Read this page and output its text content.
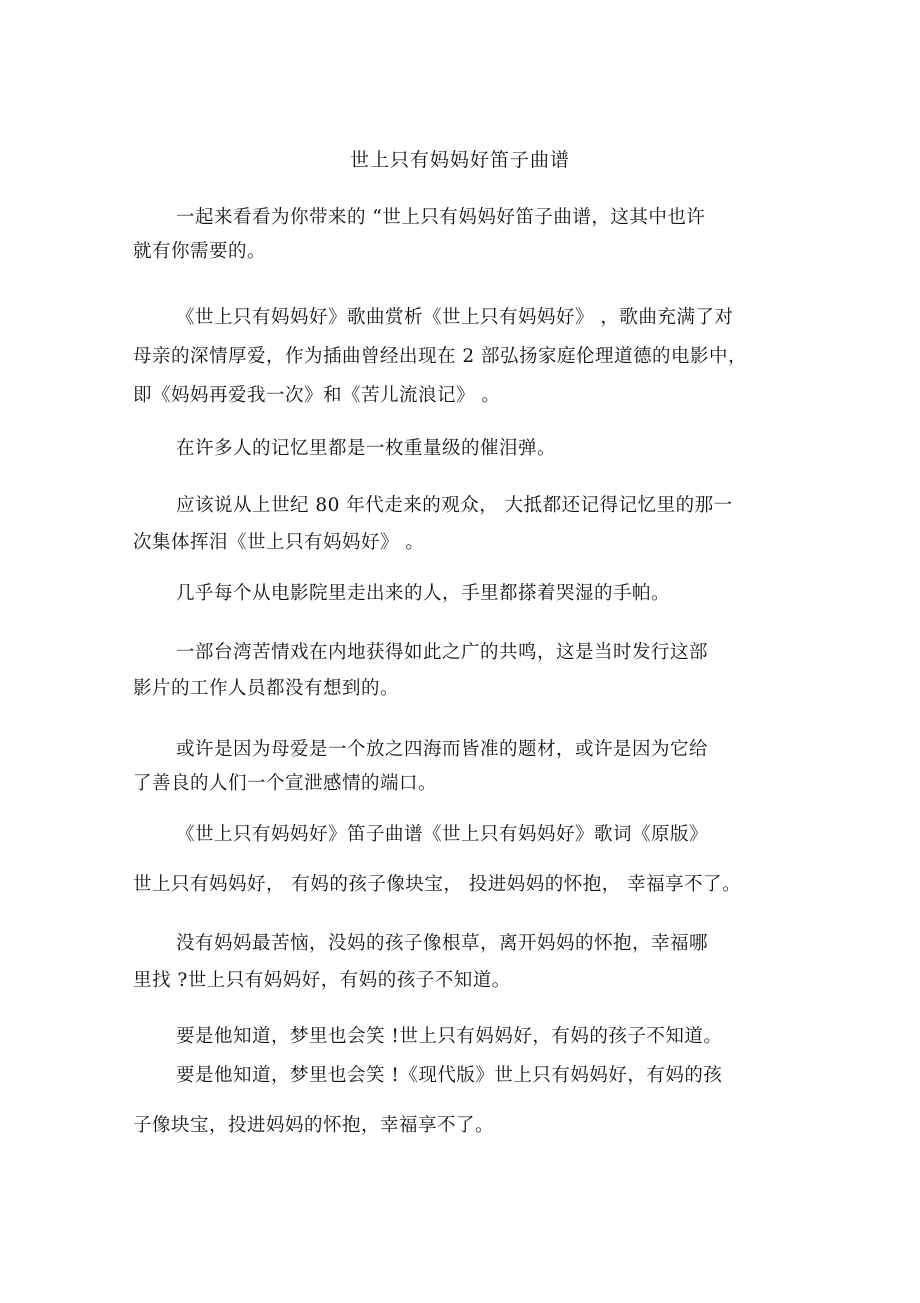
世上只有妈妈好笛子曲谱
一起来看看为你带来的 “世上只有妈妈好笛子曲谱，这其中也许
就有你需要的。
《世上只有妈妈好》歌曲赏析《世上只有妈妈好》 ，歌曲充满了对
母亲的深情厚爱，作为插曲曾经出现在 2 部弘扬家庭伦理道德的电影中，
即《妈妈再爱我一次》和《苦儿流浪记》 。
在许多人的记忆里都是一枚重量级的催泪弹。
应该说从上世纪 80 年代走来的观众， 大抵都还记得记忆里的那一
次集体挥泪《世上只有妈妈好》 。
几乎每个从电影院里走出来的人，手里都搽着哭湿的手帕。
一部台湾苦情戏在内地获得如此之广的共鸣，这是当时发行这部
影片的工作人员都没有想到的。
或许是因为母爱是一个放之四海而皆准的题材，或许是因为它给
了善良的人们一个宣泄感情的端口。
《世上只有妈妈好》笛子曲谱《世上只有妈妈好》歌词《原版》
世上只有妈妈好， 有妈的孩子像块宝， 投进妈妈的怀抱， 幸福享不了。
没有妈妈最苦恼，没妈的孩子像根草，离开妈妈的怀抱，幸福哪
里找 ?世上只有妈妈好，有妈的孩子不知道。
要是他知道，梦里也会笑 !世上只有妈妈好，有妈的孩子不知道。
要是他知道，梦里也会笑 !《现代版》世上只有妈妈好，有妈的孩
子像块宝，投进妈妈的怀抱，幸福享不了。
